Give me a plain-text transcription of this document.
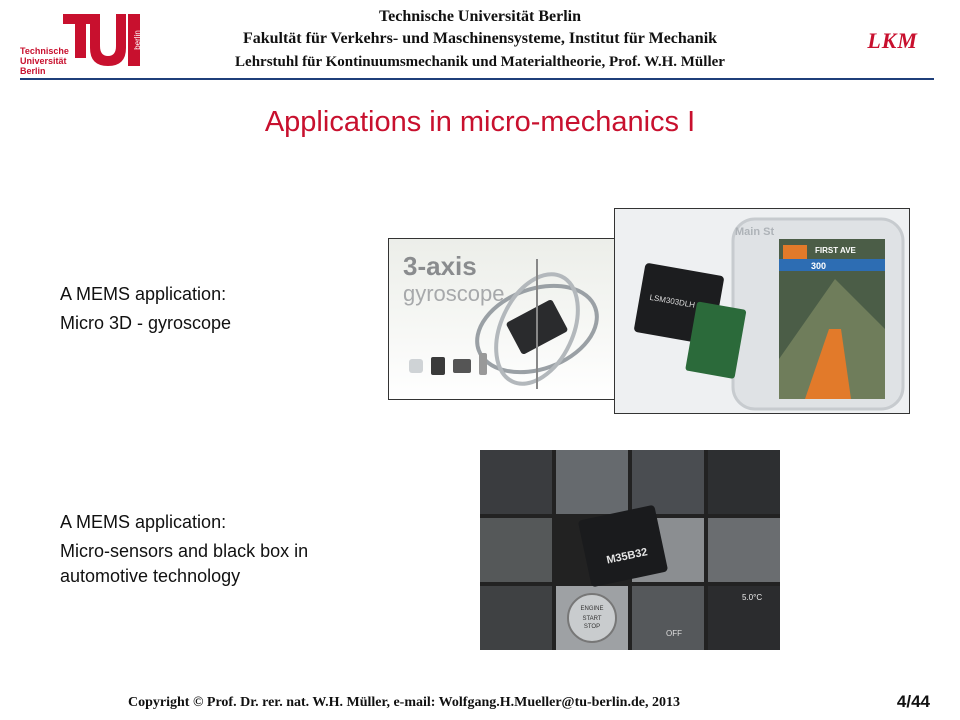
berlin
Technische
Universität
Berlin
Technische Universität Berlin
Fakultät für Verkehrs- und Maschinensysteme, Institut für Mechanik
Lehrstuhl für Kontinuumsmechanik und Materialtheorie, Prof. W.H. Müller
LKM
Applications in micro-mechanics I

A MEMS application:

Micro 3D - gyroscope

A MEMS application:

Micro-sensors and black box in automotive technology

3-axis
gyroscope
300
FIRST AVE
Main St
LSM303DLH
M35B32
ENGINE
START
STOP
OFF
5.0°C
Copyright © Prof. Dr. rer. nat. W.H. Müller, e-mail: Wolfgang.H.Mueller@tu-berlin.de, 2013	4/44
